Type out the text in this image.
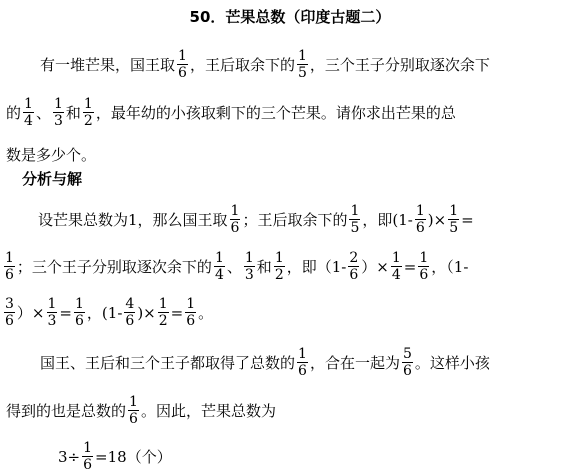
50．芒果总数（印度古题二）
有一堆芒果，国王取 $\frac{1}{6}$ ，王后取余下的 $\frac{1}{5}$ ，三个王子分别取逐次余下
的 $\frac{1}{4}$ 、 $\frac{1}{3}$ 和 $\frac{1}{2}$ ，最年幼的小孩取剩下的三个芒果。请你求出芒果的总
数是多少个。
分析与解
设芒果总数为1，那么国王取 $\frac{1}{6}$ ；王后取余下的 $\frac{1}{5}$ ，即($1- \frac{1}{6}$ )× $\frac{1}{5}$ =
$\frac{1}{6}$ ；三个王子分别取逐次余下的 $\frac{1}{4}$ 、 $\frac{1}{3}$ 和 $\frac{1}{2}$ ，即（$1- \frac{2}{6}$ ）× $\frac{1}{4} = \frac{1}{6}$ ，（1-
$\frac{3}{6}$ ）× $\frac{1}{3} = \frac{1}{6}$ ，($1- \frac{4}{6}$ )× $\frac{1}{2} = \frac{1}{6}$ 。
国王、王后和三个王子都取得了总数的 $\frac{1}{6}$ ，合在一起为 $\frac{5}{6}$ 。这样小孩
得到的也是总数的 $\frac{1}{6}$ 。因此，芒果总数为
$3\div \frac{1}{6} =18$（个）
